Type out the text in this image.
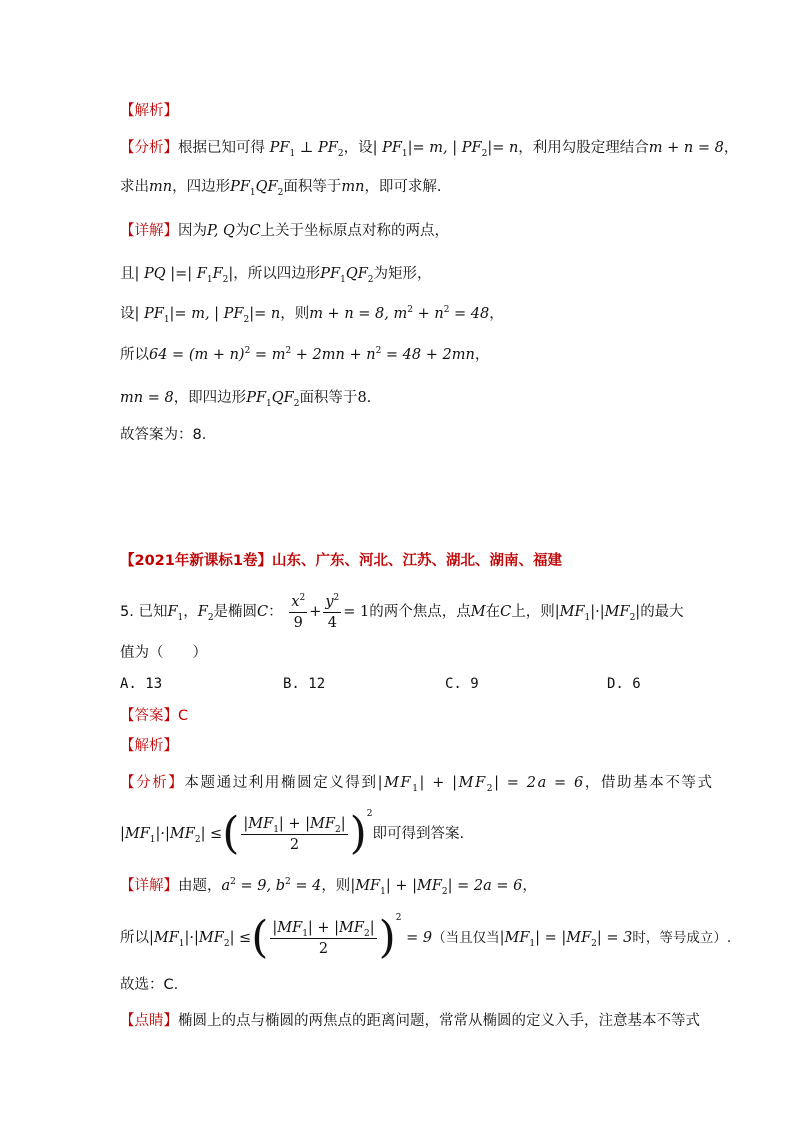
【解析】
【分析】根据已知可得 $PF_1$ ⊥ $PF_2$，设| $PF_1|= m$, | $PF_2|= n$，利用勾股定理结合m + n = 8，
求出mn，四边形$PF_1QF_2$面积等于mn，即可求解.
【详解】因为P, Q为C上关于坐标原点对称的两点，
且| PQ |=| $F_1F_2|$，所以四边形$PF_1QF_2$为矩形，
设| $PF_1|= m$, | $PF_2|= n$，则m + n = 8, $m^2 + n^2 = 48$，
所以$64 = (m + n)^2 = m^2 + 2mn + n^2 = 48 + 2mn$，
mn = 8，即四边形$PF_1QF_2$面积等于8.
故答案为：8.
【2021年新课标1卷】山东、广东、河北、江苏、湖北、湖南、福建
5. 已知$F_1$，$F_2$是椭圆C： $\frac{x^2}{9} + \frac{y^2}{4} = 1$的两个焦点，点M在C上，则$|MF_1|\cdot|MF_2|$的最大
值为（　　）
A. 13	B. 12	C. 9	D. 6
【答案】C
【解析】
【分析】本题通过利用椭圆定义得到$|MF_1| + |MF_2| = 2a = 6$，借助基本不等式
$|MF_1|\cdot|MF_2|$ ≤( $\frac{|MF_1| + |MF_2|}{2} )^2$即可得到答案.
【详解】由题，$a^2 = 9$, $b^2 = 4$，则$|MF_1| + |MF_2| = 2a = 6$，
所以$|MF_1|\cdot|MF_2|$ ≤( $\frac{|MF_1| + |MF_2|}{2} )^2 = 9$（当且仅当$|MF_1| = |MF_2| = 3$时，等号成立）.
故选：C.
【点睛】椭圆上的点与椭圆的两焦点的距离问题，常常从椭圆的定义入手，注意基本不等式
